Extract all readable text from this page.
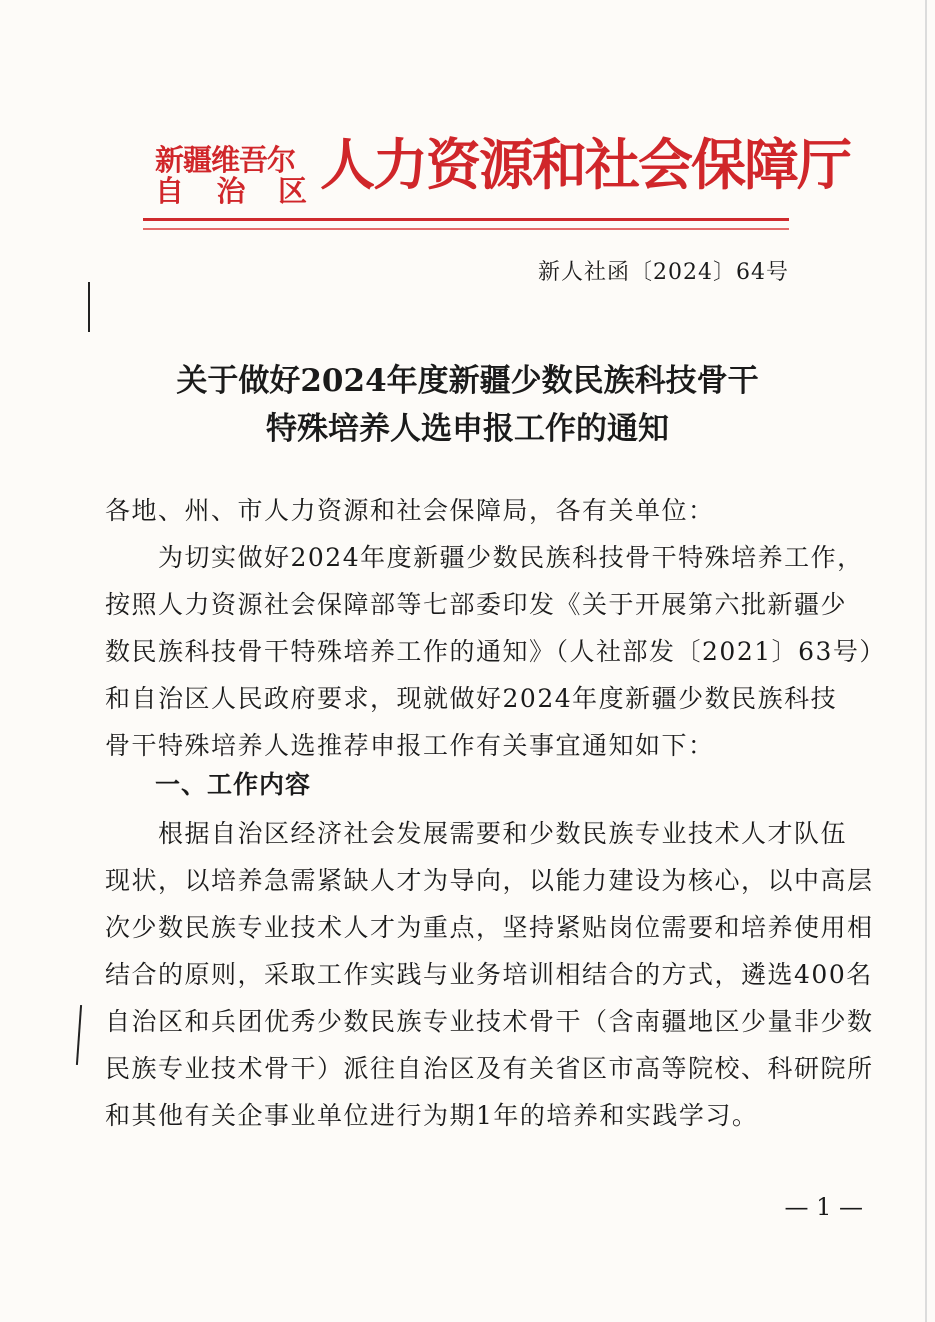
新疆维吾尔
自 治 区 人力资源和社会保障厅
新人社函〔2024〕64号
关于做好2024年度新疆少数民族科技骨干
特殊培养人选申报工作的通知
各地、州、市人力资源和社会保障局，各有关单位：
　　为切实做好2024年度新疆少数民族科技骨干特殊培养工作，
按照人力资源社会保障部等七部委印发《关于开展第六批新疆少
数民族科技骨干特殊培养工作的通知》（人社部发〔2021〕63号）
和自治区人民政府要求，现就做好2024年度新疆少数民族科技
骨干特殊培养人选推荐申报工作有关事宜通知如下：
一、工作内容
　　根据自治区经济社会发展需要和少数民族专业技术人才队伍
现状，以培养急需紧缺人才为导向，以能力建设为核心，以中高层
次少数民族专业技术人才为重点，坚持紧贴岗位需要和培养使用相
结合的原则，采取工作实践与业务培训相结合的方式，遴选400名
自治区和兵团优秀少数民族专业技术骨干（含南疆地区少量非少数
民族专业技术骨干）派往自治区及有关省区市高等院校、科研院所
和其他有关企事业单位进行为期1年的培养和实践学习。
— 1 —
